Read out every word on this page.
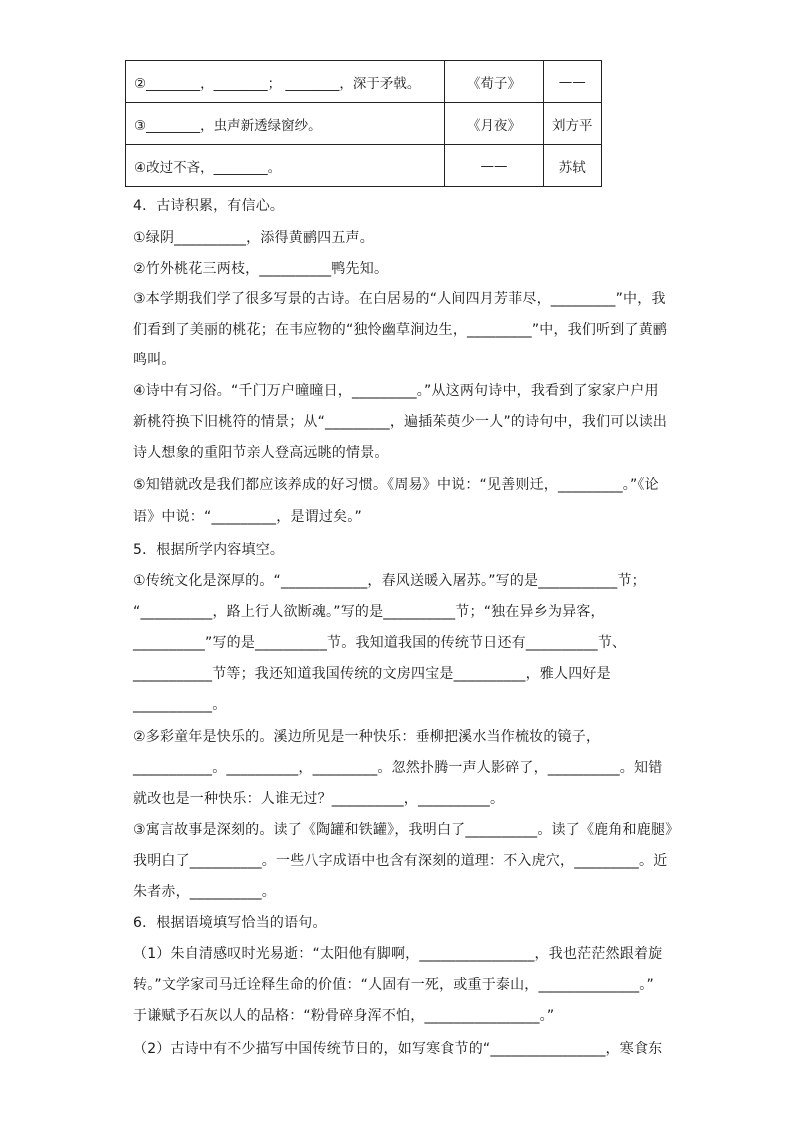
②________，________； ________，深于矛戟。	《荀子》	——
③________，虫声新透绿窗纱。	《月夜》	刘方平
④改过不吝，________。	——	苏轼
4．古诗积累，有信心。
①绿阴__________，添得黄鹂四五声。
②竹外桃花三两枝，__________鸭先知。
③本学期我们学了很多写景的古诗。在白居易的“人间四月芳菲尽，_________”中，我
们看到了美丽的桃花；在韦应物的“独怜幽草涧边生，_________”中，我们听到了黄鹂
鸣叫。
④诗中有习俗。“千门万户曈曈日，_________。”从这两句诗中，我看到了家家户户用
新桃符换下旧桃符的情景；从“_________，遍插茱萸少一人”的诗句中，我们可以读出
诗人想象的重阳节亲人登高远眺的情景。
⑤知错就改是我们都应该养成的好习惯。《周易》中说：“见善则迁，_________。”《论
语》中说：“_________，是谓过矣。”
5．根据所学内容填空。
①传统文化是深厚的。“____________，春风送暖入屠苏。”写的是___________节；
“__________，路上行人欲断魂。”写的是__________节；“独在异乡为异客，
__________”写的是__________节。我知道我国的传统节日还有__________节、
___________节等；我还知道我国传统的文房四宝是__________，雅人四好是
___________。
②多彩童年是快乐的。溪边所见是一种快乐：垂柳把溪水当作梳妆的镜子，
___________。__________，_________。忽然扑腾一声人影碎了，__________。知错
就改也是一种快乐：人谁无过？__________，__________。
③寓言故事是深刻的。读了《陶罐和铁罐》，我明白了__________。读了《鹿角和鹿腿》
我明白了__________。一些八字成语中也含有深刻的道理：不入虎穴，_________。近
朱者赤，__________。
6．根据语境填写恰当的语句。
（1）朱自清感叹时光易逝：“太阳他有脚啊，________________，我也茫茫然跟着旋
转。”文学家司马迁诠释生命的价值：“人固有一死，或重于泰山，______________。”
于谦赋予石灰以人的品格：“粉骨碎身浑不怕，________________。”
（2）古诗中有不少描写中国传统节日的，如写寒食节的“________________，寒食东
